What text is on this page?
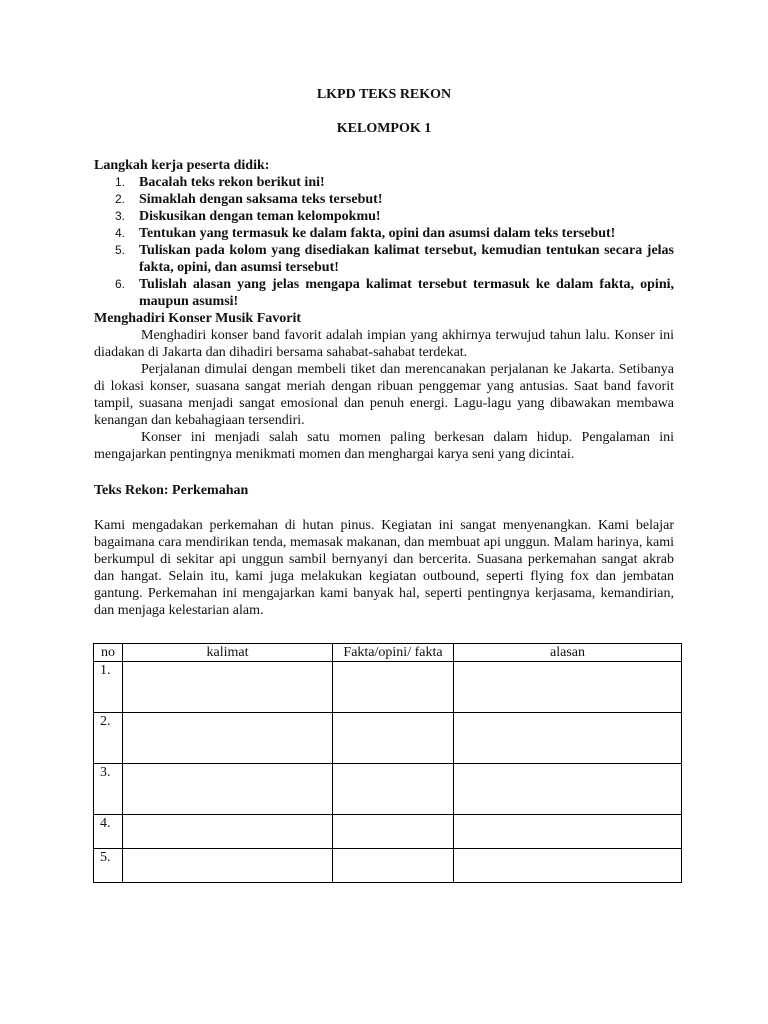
LKPD TEKS REKON
KELOMPOK 1
Langkah kerja peserta didik:
1. Bacalah teks rekon berikut ini!
2. Simaklah dengan saksama teks tersebut!
3. Diskusikan dengan teman kelompokmu!
4. Tentukan yang termasuk ke dalam fakta, opini dan asumsi dalam teks tersebut!
5. Tuliskan pada kolom yang disediakan kalimat tersebut, kemudian tentukan secara jelas fakta, opini, dan asumsi tersebut!
6. Tulislah alasan yang jelas mengapa kalimat tersebut termasuk ke dalam fakta, opini, maupun asumsi!
Menghadiri Konser Musik Favorit

Menghadiri konser band favorit adalah impian yang akhirnya terwujud tahun lalu. Konser ini diadakan di Jakarta dan dihadiri bersama sahabat-sahabat terdekat.

Perjalanan dimulai dengan membeli tiket dan merencanakan perjalanan ke Jakarta. Setibanya di lokasi konser, suasana sangat meriah dengan ribuan penggemar yang antusias. Saat band favorit tampil, suasana menjadi sangat emosional dan penuh energi. Lagu-lagu yang dibawakan membawa kenangan dan kebahagiaan tersendiri.

Konser ini menjadi salah satu momen paling berkesan dalam hidup. Pengalaman ini mengajarkan pentingnya menikmati momen dan menghargai karya seni yang dicintai.

Teks Rekon: Perkemahan

Kami mengadakan perkemahan di hutan pinus. Kegiatan ini sangat menyenangkan. Kami belajar bagaimana cara mendirikan tenda, memasak makanan, dan membuat api unggun. Malam harinya, kami berkumpul di sekitar api unggun sambil bernyanyi dan bercerita. Suasana perkemahan sangat akrab dan hangat. Selain itu, kami juga melakukan kegiatan outbound, seperti flying fox dan jembatan gantung. Perkemahan ini mengajarkan kami banyak hal, seperti pentingnya kerjasama, kemandirian, dan menjaga kelestarian alam.

no	kalimat	Fakta/opini/ fakta	alasan
1.			
2.			
3.			
4.			
5.			
